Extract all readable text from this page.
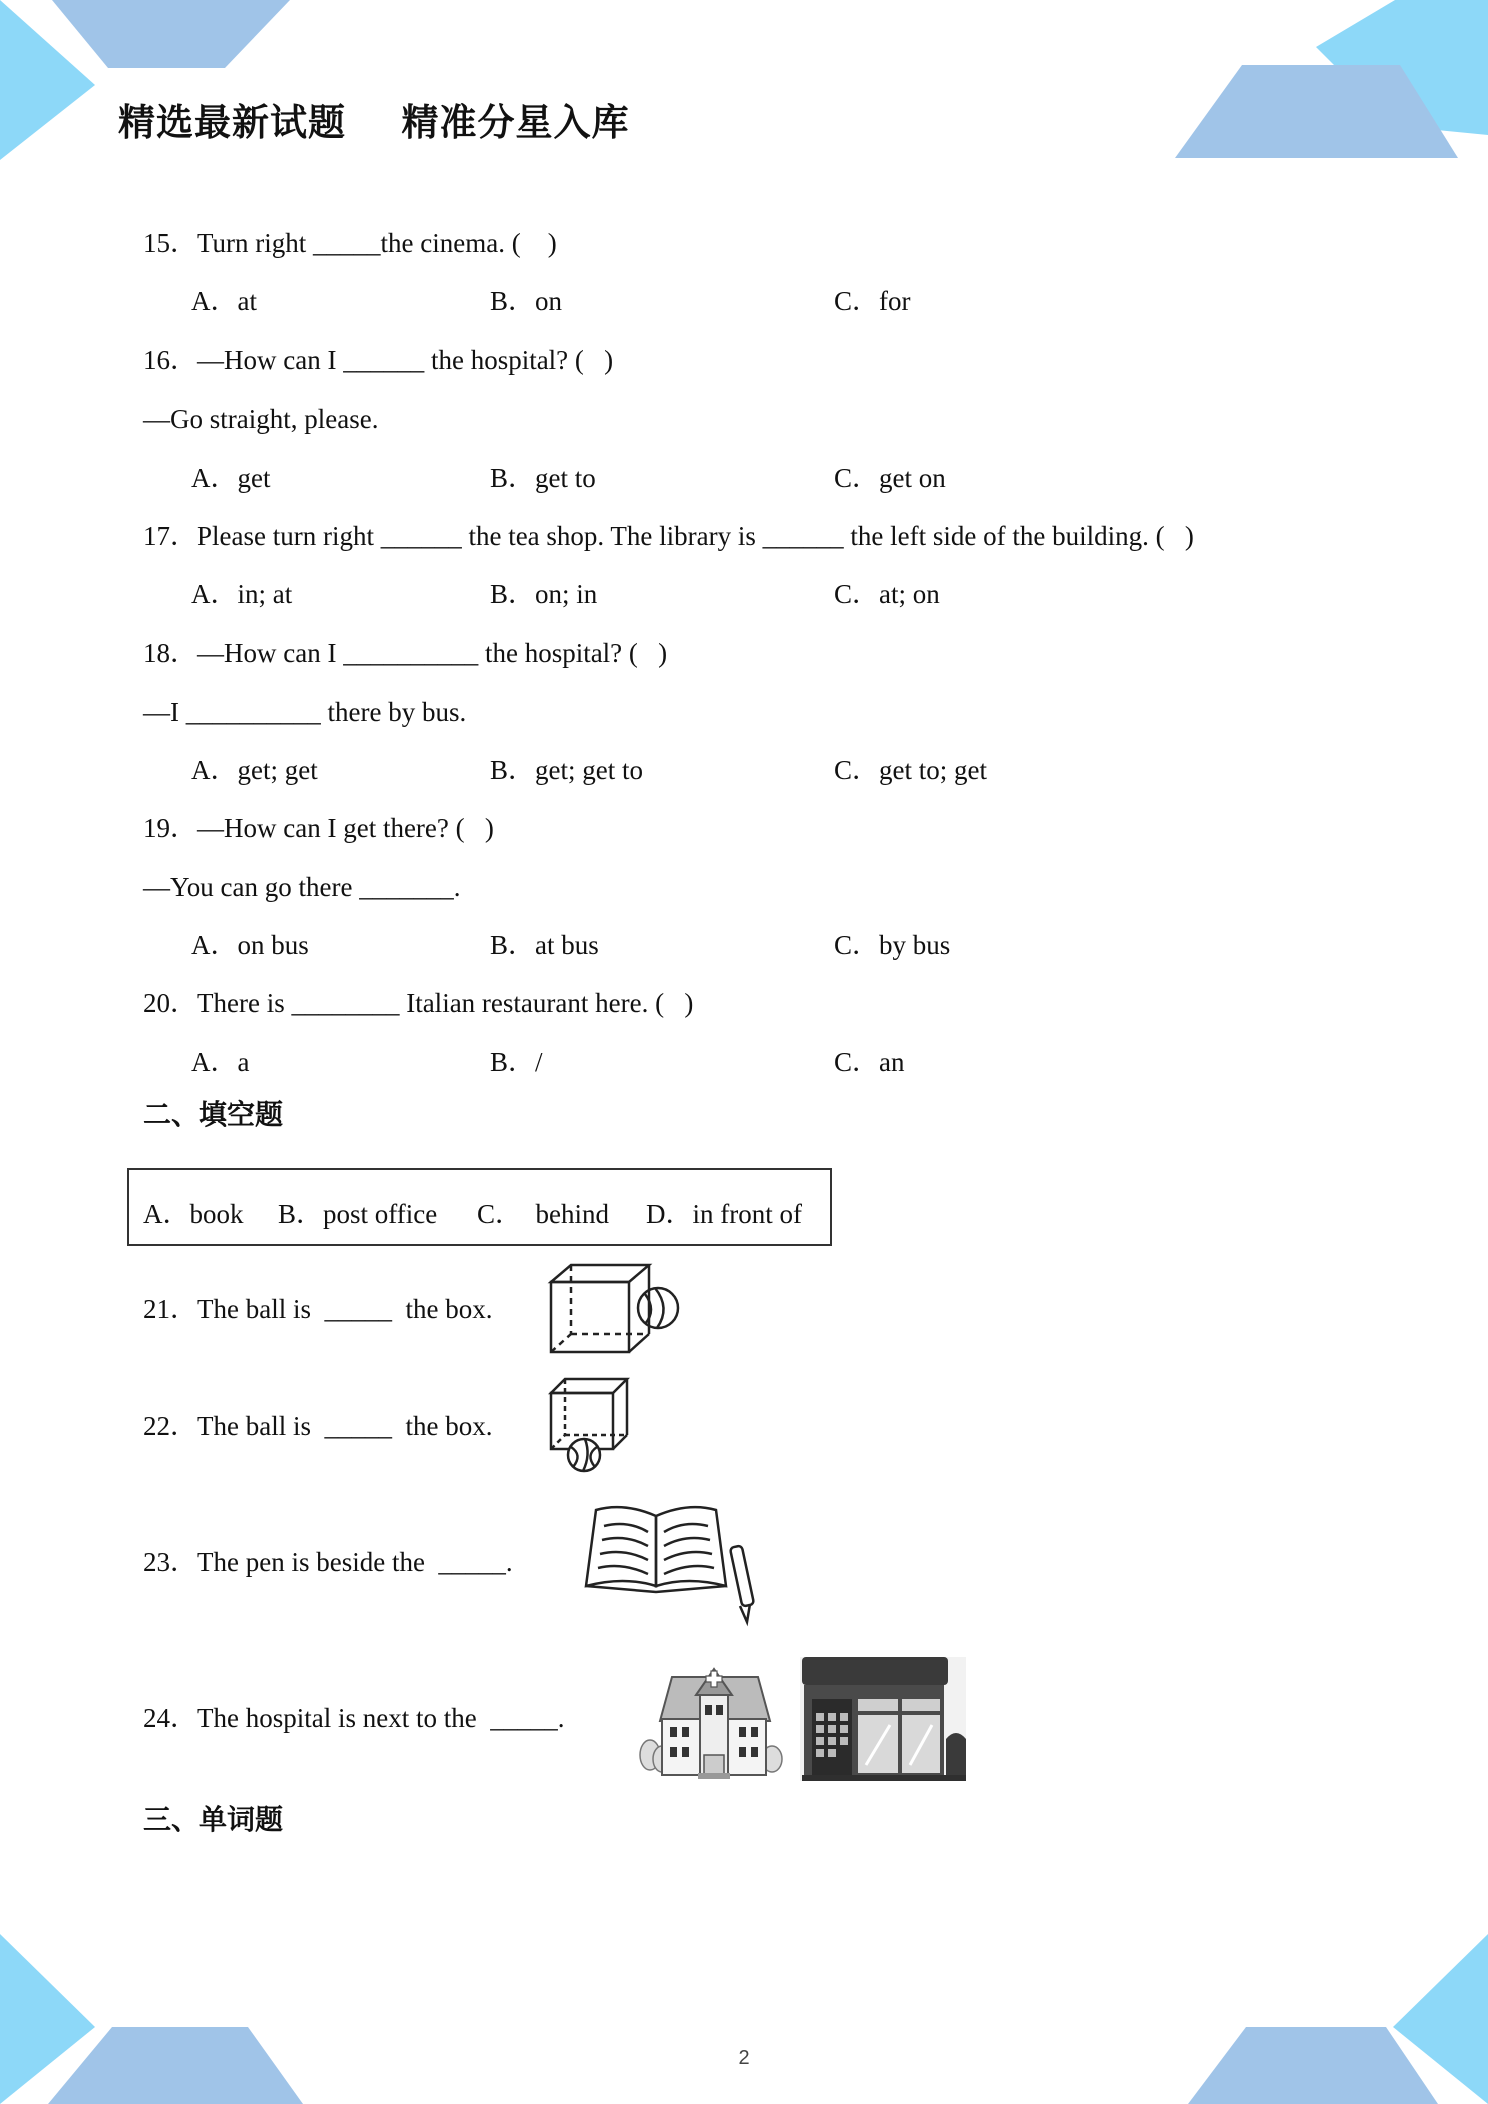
精选最新试题    精准分星入库
15．Turn right _____the cinema. (    )
A．at	B．on	C．for
16．—How can I ______ the hospital? (   )
—Go straight, please.
A．get	B．get to	C．get on
17．Please turn right ______ the tea shop. The library is ______ the left side of the building. (   )
A．in; at	B．on; in	C．at; on
18．—How can I __________ the hospital? (   )
—I __________ there by bus.
A．get; get	B．get; get to	C．get to; get
19．—How can I get there? (   )
—You can go there _______.
A．on bus	B．at bus	C．by bus
20．There is ________ Italian restaurant here. (   )
A．a	B．/	C．an
二、填空题
A．book B．post office C．  behind D．in front of
21．The ball is  _____  the box.
22．The ball is  _____  the box.
23．The pen is beside the  _____.
24．The hospital is next to the  _____.
三、单词题
2
